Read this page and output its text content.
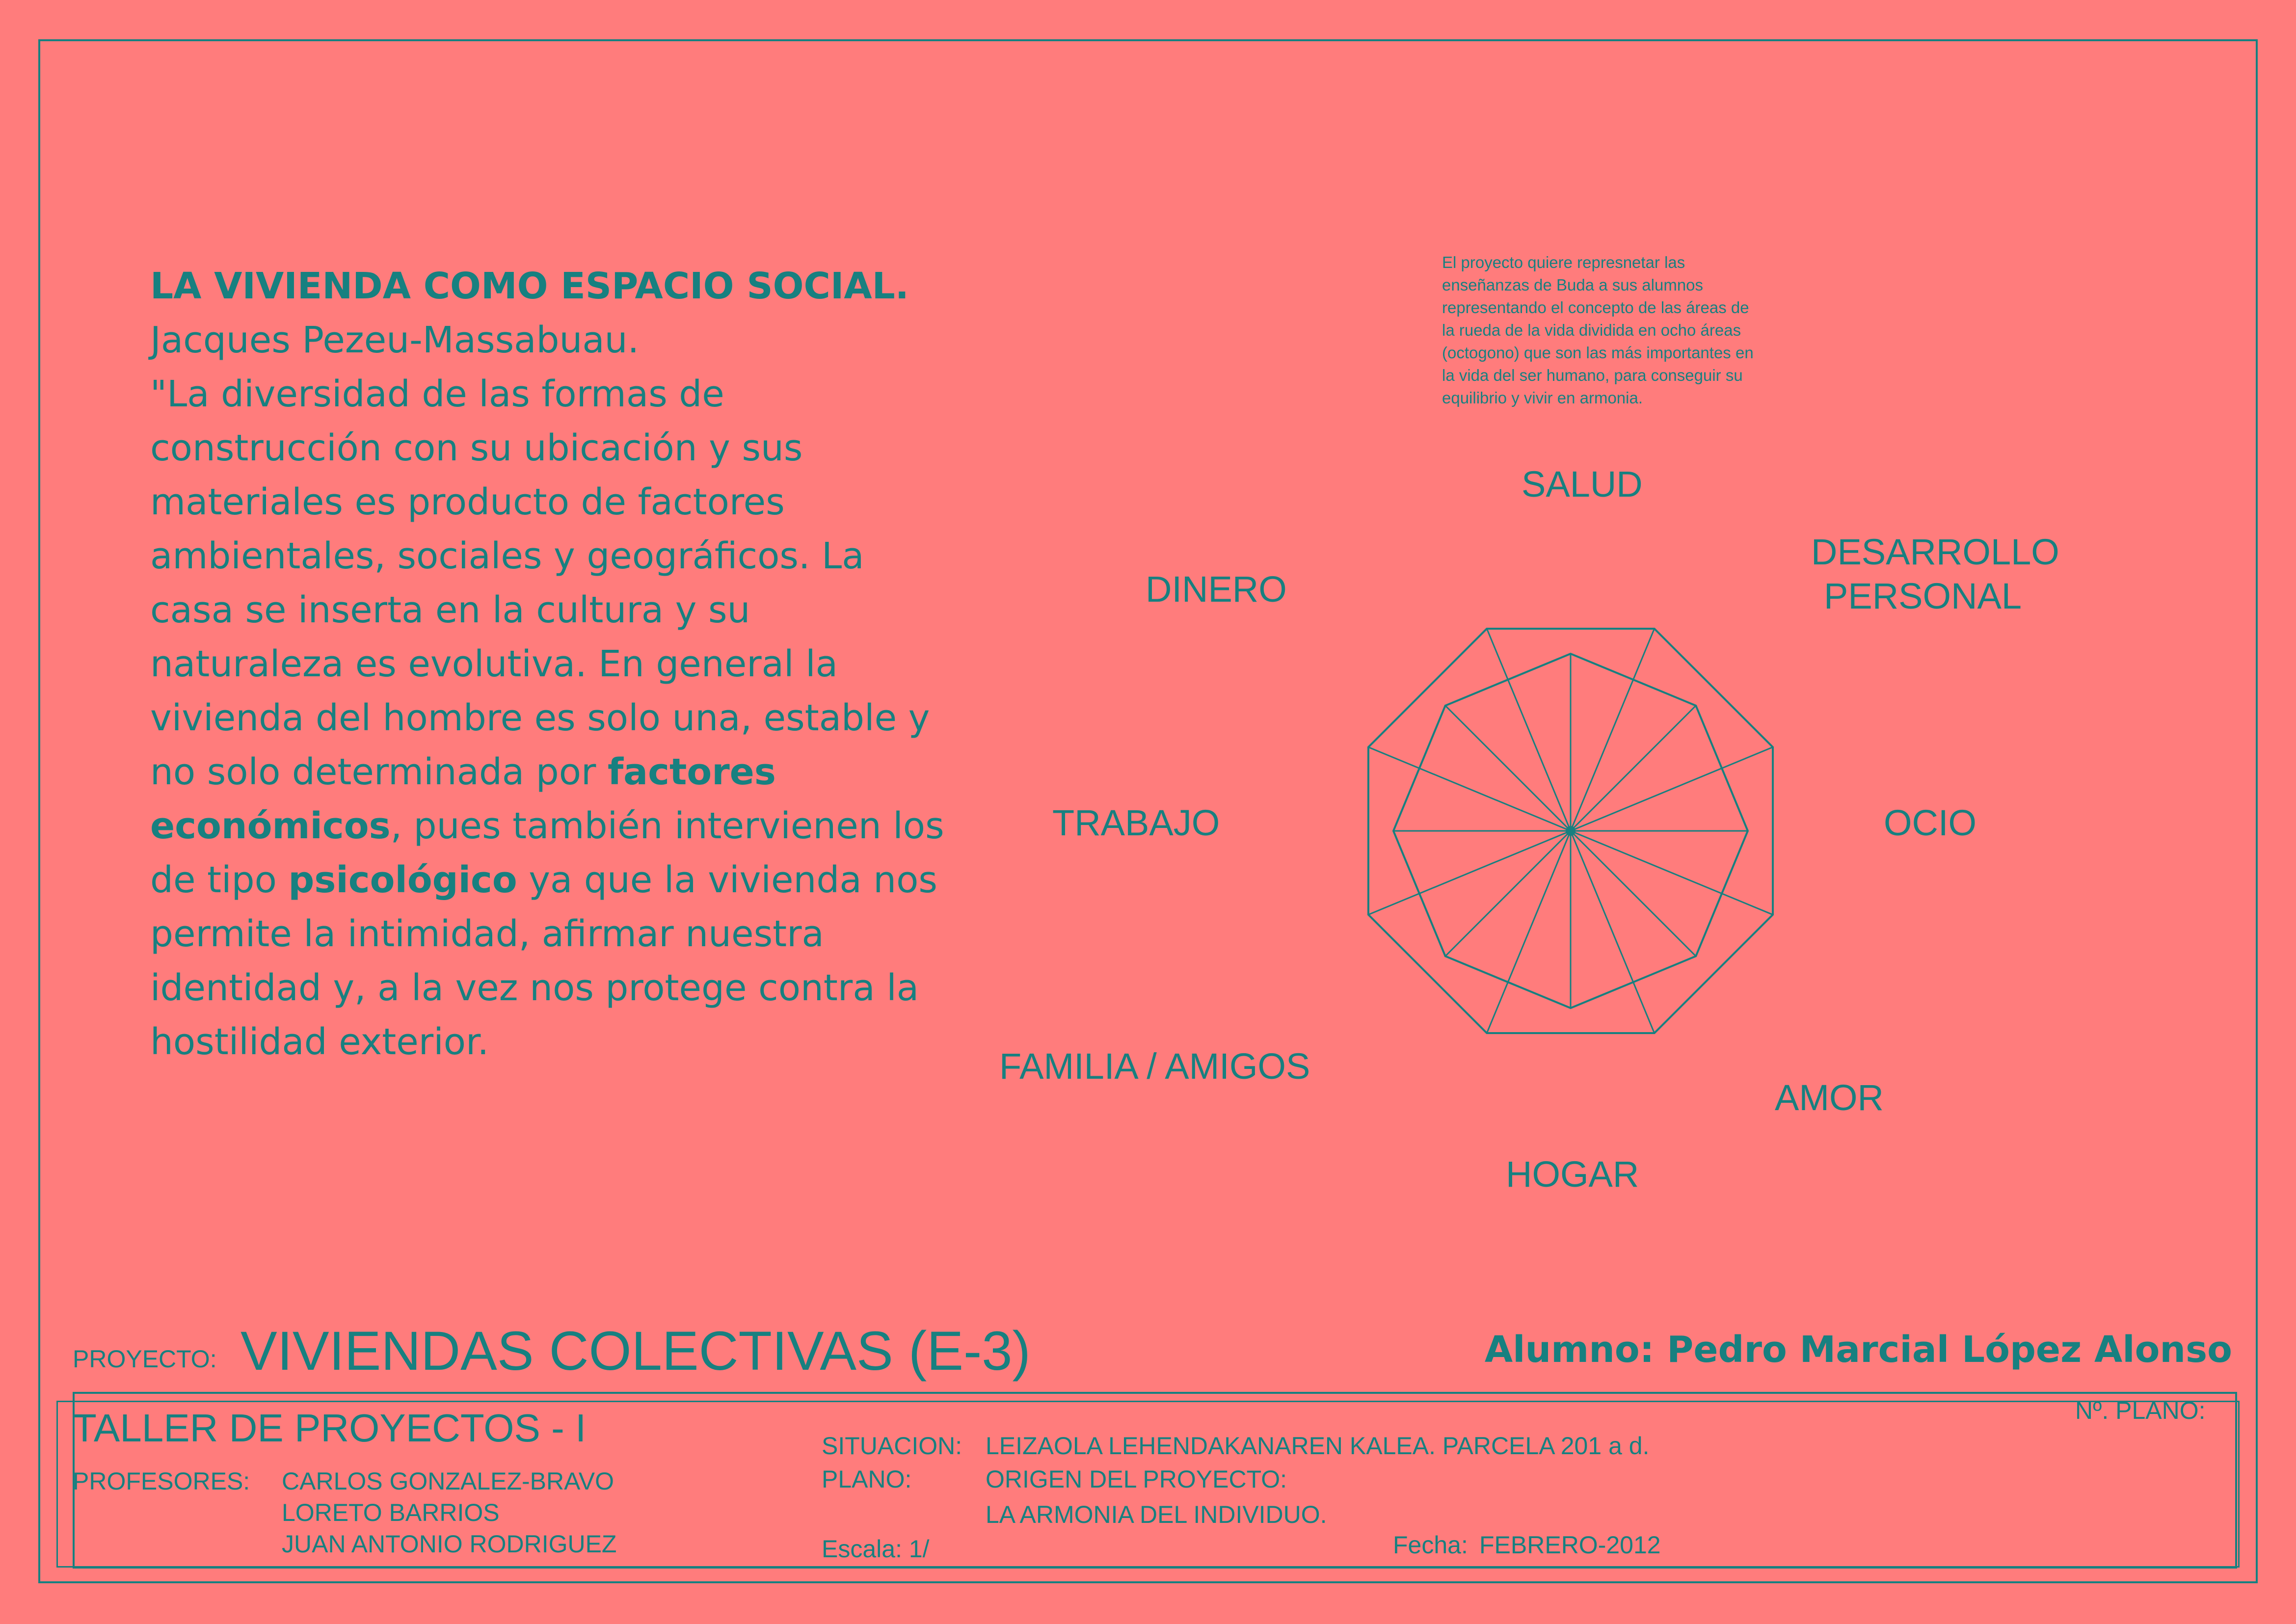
LA VIVIENDA COMO ESPACIO SOCIAL. Jacques Pezeu-Massabuau.
"La diversidad de las formas de construcción con su ubicación y sus materiales es producto de factores ambientales, sociales y geográficos. La casa se inserta en la cultura y su naturaleza es evolutiva. En general la vivienda del hombre es solo una, estable y no solo determinada por factores económicos, pues también intervienen los de tipo psicológico ya que la vivienda nos permite la intimidad, afirmar nuestra identidad y, a la vez nos protege contra la hostilidad exterior.
El proyecto quiere represnetar las enseñanzas de Buda a sus alumnos representando el concepto de las áreas de la rueda de la vida dividida en ocho áreas (octogono) que son las más importantes en la vida del ser humano, para conseguir su equilibrio y vivir en armonia.
SALUD
DESARROLLO
PERSONAL
OCIO
AMOR
HOGAR
FAMILIA / AMIGOS
TRABAJO
DINERO
PROYECTO: VIVIENDAS COLECTIVAS (E-3)	Alumno: Pedro Marcial López Alonso
TALLER DE PROYECTOS - I
PROFESORES: CARLOS GONZALEZ-BRAVO
LORETO BARRIOS
JUAN ANTONIO RODRIGUEZ
SITUACION: LEIZAOLA LEHENDAKANAREN KALEA. PARCELA 201 a d.
PLANO:	ORIGEN DEL PROYECTO:
LA ARMONIA DEL INDIVIDUO.
Escala: 1/	Fecha: FEBRERO-2012
Nº. PLANO:
